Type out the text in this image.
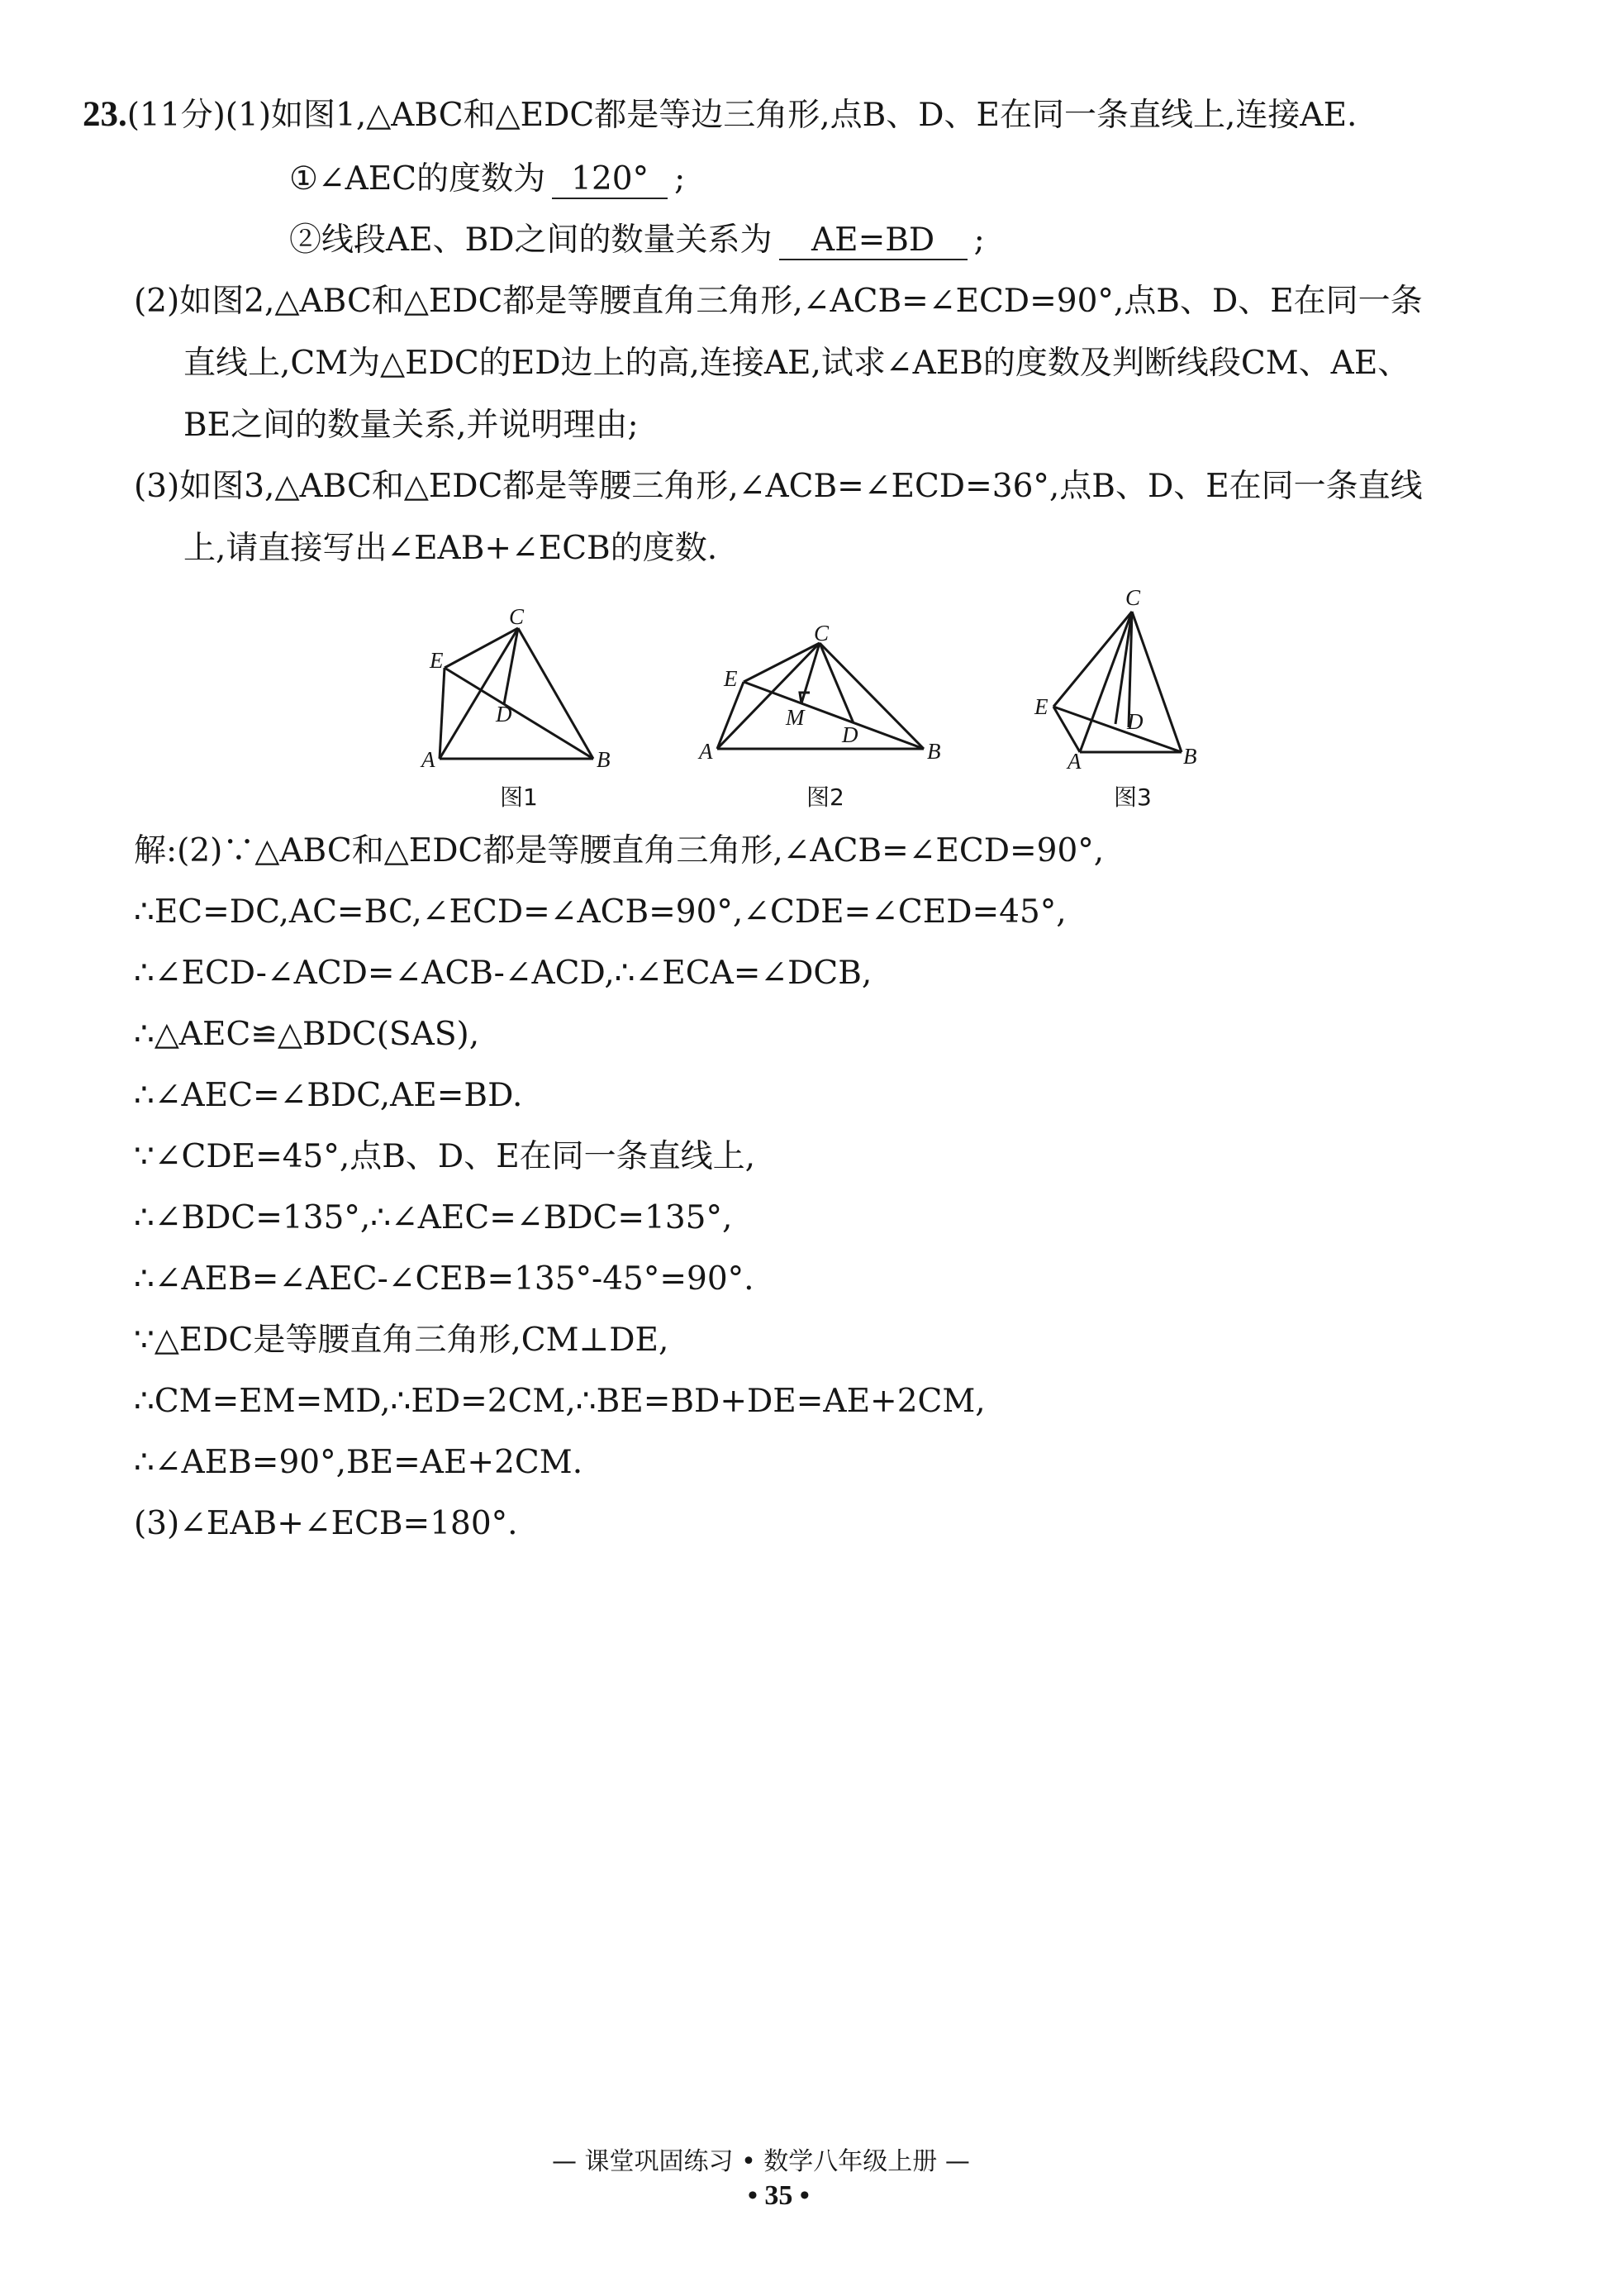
23.(11分)(1)如图1,△ABC和△EDC都是等边三角形,点B、D、E在同一条直线上,连接AE.
①∠AEC的度数为 120° ;
②线段AE、BD之间的数量关系为 AE=BD ;
(2)如图2,△ABC和△EDC都是等腰直角三角形,∠ACB=∠ECD=90°,点B、D、E在同一条
直线上,CM为△EDC的ED边上的高,连接AE,试求∠AEB的度数及判断线段CM、AE、
BE之间的数量关系,并说明理由;
(3)如图3,△ABC和△EDC都是等腰三角形,∠ACB=∠ECD=36°,点B、D、E在同一条直线
上,请直接写出∠EAB+∠ECB的度数.
C
E
D
A	B
图1
C
E
M
D
A	B
图2
C
E
D
A	B
图3
解:(2)∵△ABC和△EDC都是等腰直角三角形,∠ACB=∠ECD=90°,
∴EC=DC,AC=BC,∠ECD=∠ACB=90°,∠CDE=∠CED=45°,
∴∠ECD-∠ACD=∠ACB-∠ACD,∴∠ECA=∠DCB,
∴△AEC≌△BDC(SAS),
∴∠AEC=∠BDC,AE=BD.
∵∠CDE=45°,点B、D、E在同一条直线上,
∴∠BDC=135°,∴∠AEC=∠BDC=135°,
∴∠AEB=∠AEC-∠CEB=135°-45°=90°.
∵△EDC是等腰直角三角形,CM⊥DE,
∴CM=EM=MD,∴ED=2CM,∴BE=BD+DE=AE+2CM,
∴∠AEB=90°,BE=AE+2CM.
(3)∠EAB+∠ECB=180°.
— 课堂巩固练习 • 数学八年级上册 —
• 35 •
